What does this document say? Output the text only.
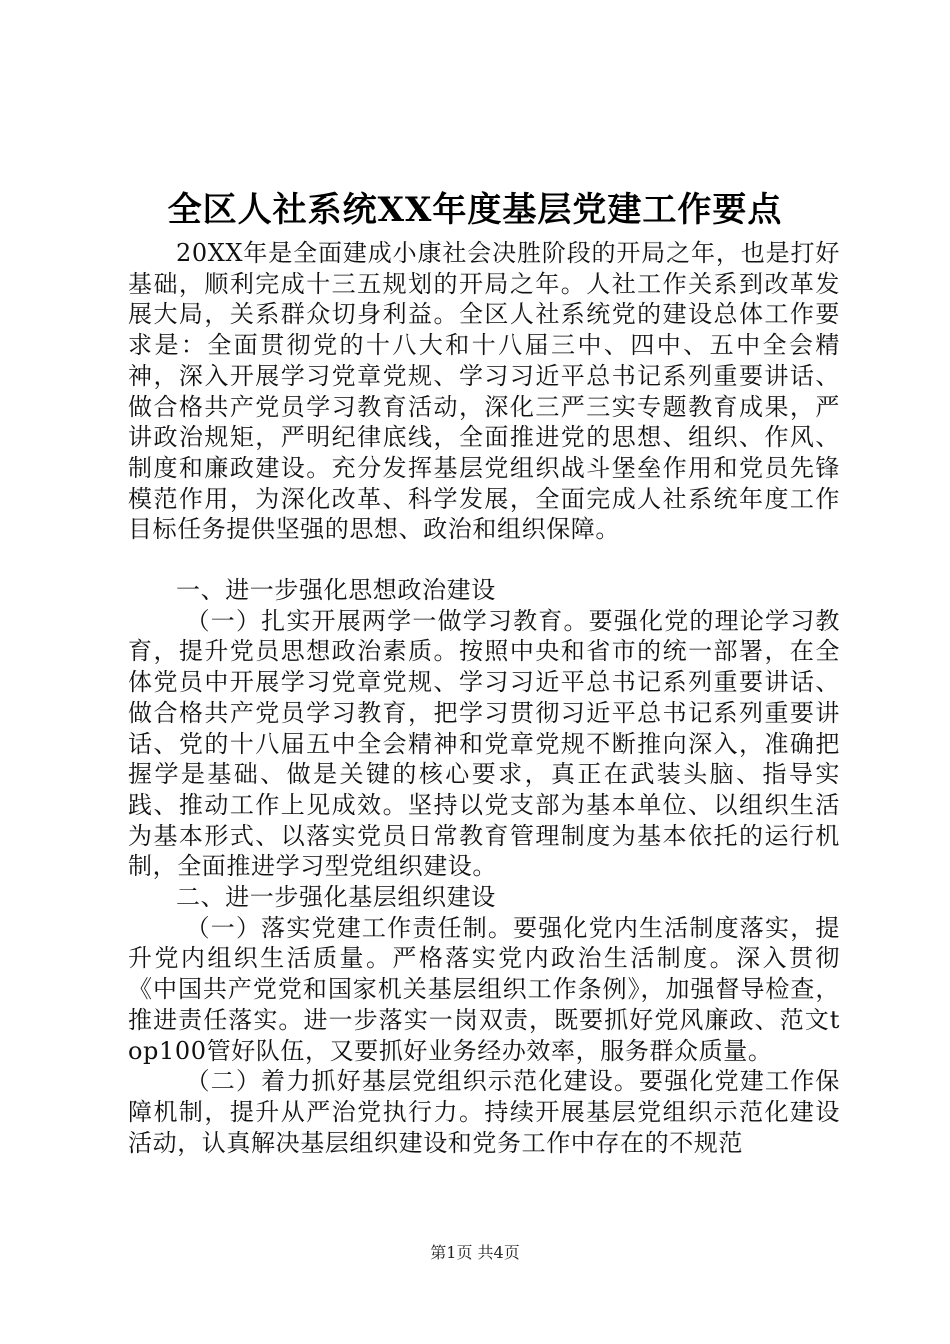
全区人社系统XX年度基层党建工作要点

20XX年是全面建成小康社会决胜阶段的开局之年，也是打好基础，顺利完成十三五规划的开局之年。人社工作关系到改革发展大局，关系群众切身利益。全区人社系统党的建设总体工作要求是：全面贯彻党的十八大和十八届三中、四中、五中全会精神，深入开展学习党章党规、学习习近平总书记系列重要讲话、做合格共产党员学习教育活动，深化三严三实专题教育成果，严讲政治规矩，严明纪律底线，全面推进党的思想、组织、作风、制度和廉政建设。充分发挥基层党组织战斗堡垒作用和党员先锋模范作用，为深化改革、科学发展，全面完成人社系统年度工作目标任务提供坚强的思想、政治和组织保障。

一、进一步强化思想政治建设

（一）扎实开展两学一做学习教育。要强化党的理论学习教育，提升党员思想政治素质。按照中央和省市的统一部署，在全体党员中开展学习党章党规、学习习近平总书记系列重要讲话、做合格共产党员学习教育，把学习贯彻习近平总书记系列重要讲话、党的十八届五中全会精神和党章党规不断推向深入，准确把握学是基础、做是关键的核心要求，真正在武装头脑、指导实践、推动工作上见成效。坚持以党支部为基本单位、以组织生活为基本形式、以落实党员日常教育管理制度为基本依托的运行机制，全面推进学习型党组织建设。

二、进一步强化基层组织建设

（一）落实党建工作责任制。要强化党内生活制度落实，提升党内组织生活质量。严格落实党内政治生活制度。深入贯彻《中国共产党党和国家机关基层组织工作条例》，加强督导检查，推进责任落实。进一步落实一岗双责，既要抓好党风廉政、范文top100管好队伍，又要抓好业务经办效率，服务群众质量。

（二）着力抓好基层党组织示范化建设。要强化党建工作保障机制，提升从严治党执行力。持续开展基层党组织示范化建设活动，认真解决基层组织建设和党务工作中存在的不规范

第1页 共4页
